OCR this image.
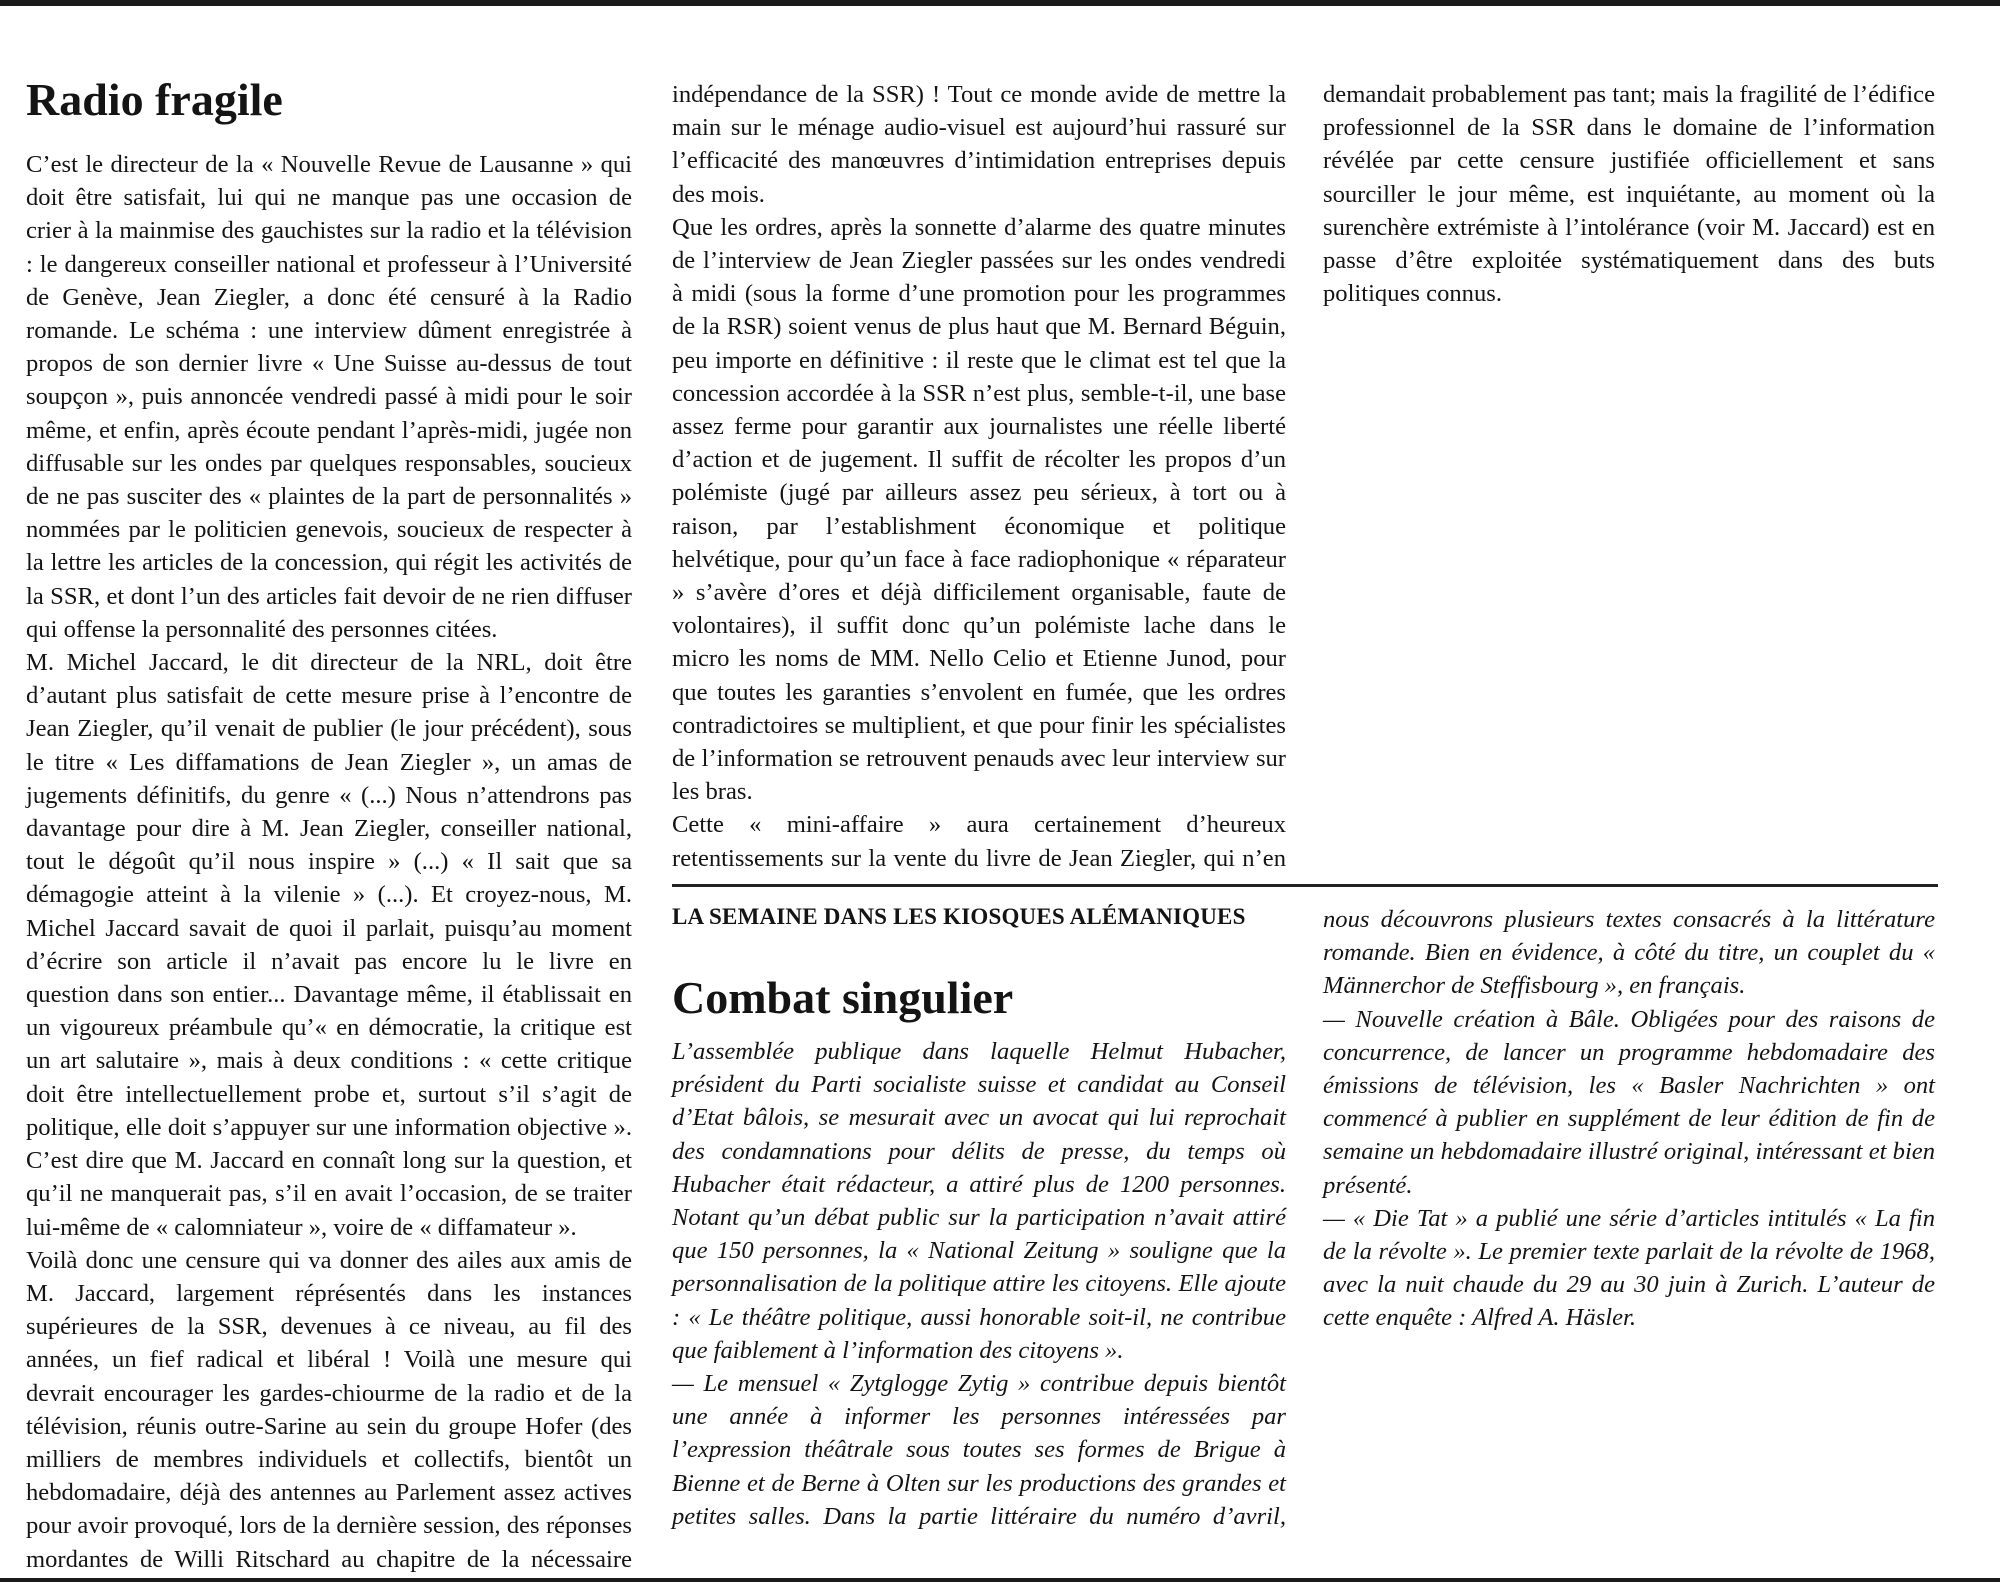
Radio fragile
LA SEMAINE DANS LES KIOSQUES ALÉMANIQUES
Combat singulier

C’est le directeur de la « Nouvelle Revue de Lausanne » qui doit être satisfait, lui qui ne manque pas une occasion de crier à la mainmise des gauchistes sur la radio et la télévision : le dangereux conseiller national et professeur à l’Université de Genève, Jean Ziegler, a donc été censuré à la Radio romande. Le schéma : une interview dûment enregistrée à propos de son dernier livre « Une Suisse au-dessus de tout soupçon », puis annoncée vendredi passé à midi pour le soir même, et enfin, après écoute pendant l’après-midi, jugée non diffusable sur les ondes par quelques responsables, soucieux de ne pas susciter des « plaintes de la part de personnalités » nommées par le politicien genevois, soucieux de respecter à la lettre les articles de la concession, qui régit les activités de la SSR, et dont l’un des articles fait devoir de ne rien diffuser qui offense la personnalité des personnes citées.

M. Michel Jaccard, le dit directeur de la NRL, doit être d’autant plus satisfait de cette mesure prise à l’encontre de Jean Ziegler, qu’il venait de publier (le jour précédent), sous le titre « Les diffamations de Jean Ziegler », un amas de jugements définitifs, du genre « (...) Nous n’attendrons pas davantage pour dire à M. Jean Ziegler, conseiller national, tout le dégoût qu’il nous inspire » (...) « Il sait que sa démagogie atteint à la vilenie » (...). Et croyez-nous, M. Michel Jaccard savait de quoi il parlait, puisqu’au moment d’écrire son article il n’avait pas encore lu le livre en question dans son entier... Davantage même, il établissait en un vigoureux préambule qu’« en démocratie, la critique est un art salutaire », mais à deux conditions : « cette critique doit être intellectuellement probe et, surtout s’il s’agit de politique, elle doit s’appuyer sur une information objective ». C’est dire que M. Jaccard en connaît long sur la question, et qu’il ne manquerait pas, s’il en avait l’occasion, de se traiter lui-même de « calomniateur », voire de « diffamateur ».

Voilà donc une censure qui va donner des ailes aux amis de M. Jaccard, largement réprésentés dans les instances supérieures de la SSR, devenues à ce niveau, au fil des années, un fief radical et libéral ! Voilà une mesure qui devrait encourager les gardes-chiourme de la radio et de la télévision, réunis outre-Sarine au sein du groupe Hofer (des milliers de membres individuels et collectifs, bientôt un hebdomadaire, déjà des antennes au Parlement assez actives pour avoir provoqué, lors de la dernière session, des réponses mordantes de Willi Ritschard au chapitre de la nécessaire

indépendance de la SSR) ! Tout ce monde avide de mettre la main sur le ménage audio-visuel est aujourd’hui rassuré sur l’efficacité des manœuvres d’intimidation entreprises depuis des mois.

Que les ordres, après la sonnette d’alarme des quatre minutes de l’interview de Jean Ziegler passées sur les ondes vendredi à midi (sous la forme d’une promotion pour les programmes de la RSR) soient venus de plus haut que M. Bernard Béguin, peu importe en définitive : il reste que le climat est tel que la concession accordée à la SSR n’est plus, semble-t-il, une base assez ferme pour garantir aux journalistes une réelle liberté d’action et de jugement. Il suffit de récolter les propos d’un polémiste (jugé par ailleurs assez peu sérieux, à tort ou à raison, par l’establishment économique et politique helvétique, pour qu’un face à face radiophonique « réparateur » s’avère d’ores et déjà difficilement organisable, faute de volontaires), il suffit donc qu’un polémiste lache dans le micro les noms de MM. Nello Celio et Etienne Junod, pour que toutes les garanties s’envolent en fumée, que les ordres contradictoires se multiplient, et que pour finir les spécialistes de l’information se retrouvent penauds avec leur interview sur les bras.

Cette « mini-affaire » aura certainement d’heureux retentissements sur la vente du livre de Jean Ziegler, qui n’en

demandait probablement pas tant; mais la fragilité de l’édifice professionnel de la SSR dans le domaine de l’information révélée par cette censure justifiée officiellement et sans sourciller le jour même, est inquiétante, au moment où la surenchère extrémiste à l’intolérance (voir M. Jaccard) est en passe d’être exploitée systématiquement dans des buts politiques connus.

L’assemblée publique dans laquelle Helmut Hubacher, président du Parti socialiste suisse et candidat au Conseil d’Etat bâlois, se mesurait avec un avocat qui lui reprochait des condamnations pour délits de presse, du temps où Hubacher était rédacteur, a attiré plus de 1200 personnes. Notant qu’un débat public sur la participation n’avait attiré que 150 personnes, la « National Zeitung » souligne que la personnalisation de la politique attire les citoyens. Elle ajoute : « Le théâtre politique, aussi honorable soit-il, ne contribue que faiblement à l’information des citoyens ».

— Le mensuel « Zytglogge Zytig » contribue depuis bientôt une année à informer les personnes intéressées par l’expression théâtrale sous toutes ses formes de Brigue à Bienne et de Berne à Olten sur les productions des grandes et petites salles. Dans la partie littéraire du numéro d’avril,

nous découvrons plusieurs textes consacrés à la littérature romande. Bien en évidence, à côté du titre, un couplet du « Männerchor de Steffisbourg », en français.

— Nouvelle création à Bâle. Obligées pour des raisons de concurrence, de lancer un programme hebdomadaire des émissions de télévision, les « Basler Nachrichten » ont commencé à publier en supplément de leur édition de fin de semaine un hebdomadaire illustré original, intéressant et bien présenté.

— « Die Tat » a publié une série d’articles intitulés « La fin de la révolte ». Le premier texte parlait de la révolte de 1968, avec la nuit chaude du 29 au 30 juin à Zurich. L’auteur de cette enquête : Alfred A. Häsler.
